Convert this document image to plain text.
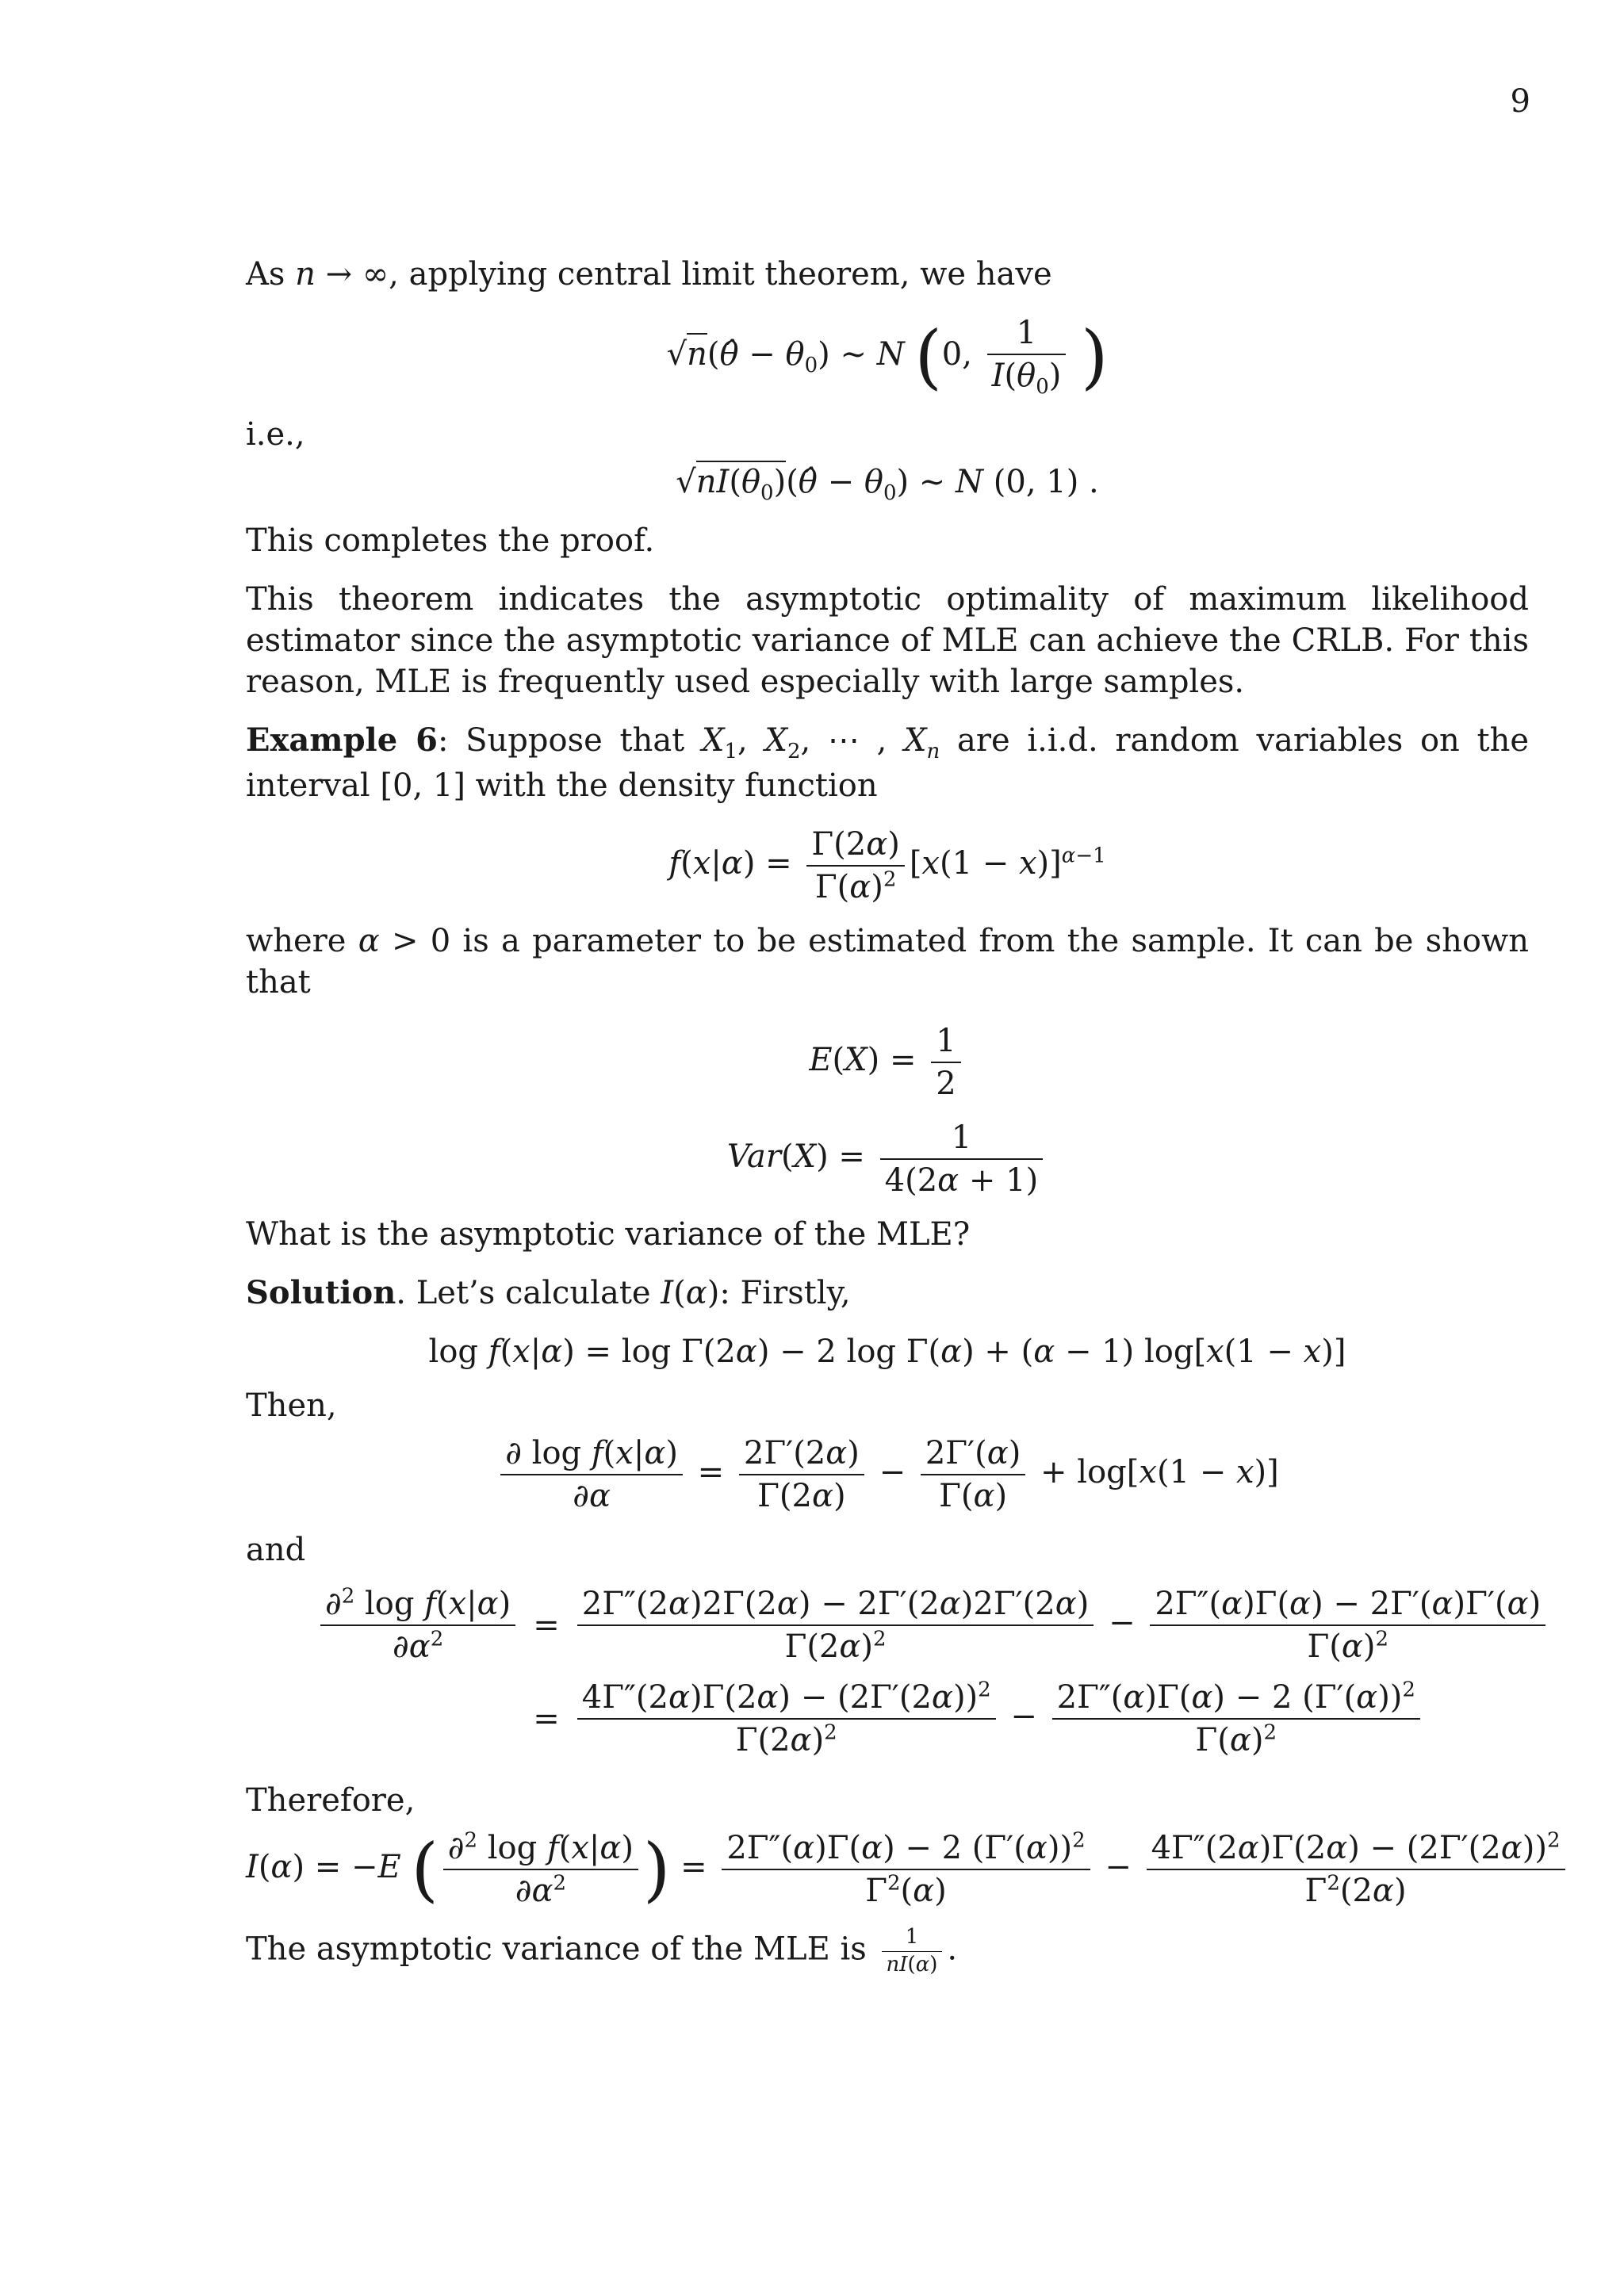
9

As n → ∞, applying central limit theorem, we have

√n(θ̂ − $\theta_0$) ∼ N (0, $\frac{1}{I(\theta_0)}$ )

i.e.,

$√nI(\theta_0)(\thetâ - \theta_0)$ ∼ N (0, 1) .

This completes the proof.

This theorem indicates the asymptotic optimality of maximum likelihood estimator since the asymptotic variance of MLE can achieve the CRLB. For this reason, MLE is frequently used especially with large samples.

Example 6: Suppose that $X_1$, $X_2$, ⋯ , $X_n$ are i.i.d. random variables on the interval [0, 1] with the density function

$f(x|\alpha) = \frac{\Gamma(2\alpha)}{\Gamma(\alpha)^2} [x(1 - x)]^{\alpha-1}$

where α > 0 is a parameter to be estimated from the sample. It can be shown that

$E(X) = \frac{1}{2}$
$Var(X) = \frac{1}{4(2\alpha + 1)}$

What is the asymptotic variance of the MLE?

Solution. Let’s calculate I(α): Firstly,

log f(x|α) = log Γ(2α) − 2 log Γ(α) + (α − 1) log[x(1 − x)]

Then,

$\frac{\text{∂ log f(x|α)}}{\partial\alpha} = \frac{2\Gamma'(2\alpha)}{\Gamma(2\alpha)} - \frac{2\Gamma'(\alpha)}{\Gamma(\alpha)} + \log[x(1 - x)]$

and

$\frac{\partial^2 \log f(x|\alpha)}{\partial\alpha^2}$	=	$\frac{2\Gamma''(2\alpha)2\Gamma(2\alpha) - 2\Gamma'(2\alpha)2\Gamma'(2\alpha)}{\Gamma(2\alpha)^2} - \frac{2\Gamma''(\alpha)\Gamma(\alpha) - 2\Gamma'(\alpha)\Gamma'(\alpha)}{\Gamma(\alpha)^2}$

	=	$\frac{4\Gamma''(2\alpha)\Gamma(2\alpha) - (2\Gamma'(2\alpha))^2}{\Gamma(2\alpha)^2} - \frac{2\Gamma''(\alpha)\Gamma(\alpha) - 2 (\Gamma'(\alpha))^2}{\Gamma(\alpha)^2}$

Therefore,

I(α) = −E ( $\frac{\partial^2 \log f(x|\alpha)}{\partial\alpha^2}$ ) = $\frac{2\Gamma''(\alpha)\Gamma(\alpha) - 2 (\Gamma'(\alpha))^2}{\Gamma^2(\alpha)} - \frac{4\Gamma''(2\alpha)\Gamma(2\alpha) - (2\Gamma'(2\alpha))^2}{\Gamma^2(2\alpha)}$

The asymptotic variance of the MLE is $\frac{1}{nI(\alpha)}$ .
